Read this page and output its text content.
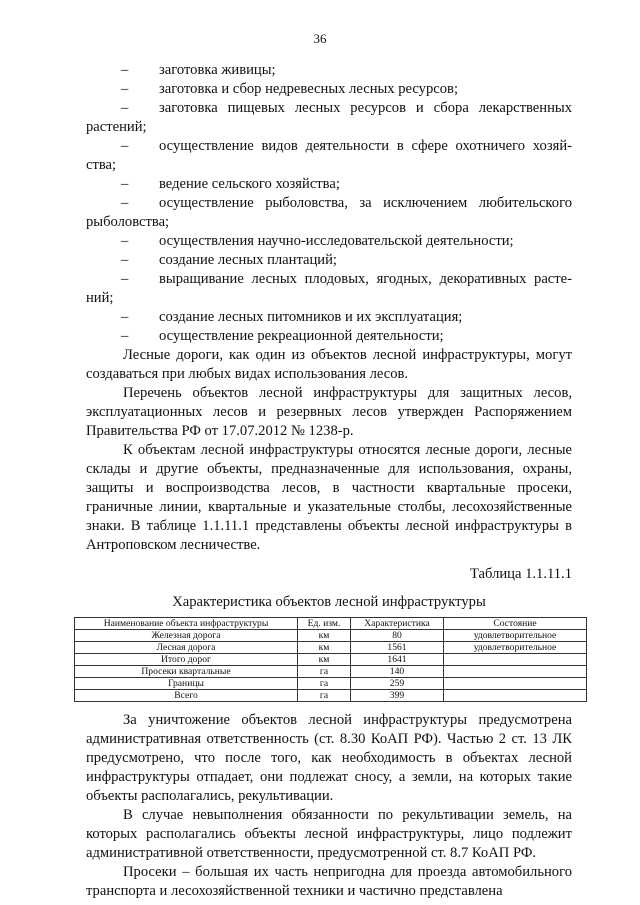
36
– заготовка живицы;
– заготовка и сбор недревесных лесных ресурсов;
– заготовка пищевых лесных ресурсов и сбора лекарственных
растений;
– осуществление видов деятельности в сфере охотничего хозяй-
ства;
– ведение сельского хозяйства;
– осуществление рыболовства, за исключением любительского
рыболовства;
– осуществления научно-исследовательской деятельности;
– создание лесных плантаций;
– выращивание лесных плодовых, ягодных, декоративных расте-
ний;
– создание лесных питомников и их эксплуатация;
– осуществление рекреационной деятельности;
Лесные дороги, как один из объектов лесной инфраструктуры, могут создаваться при любых видах использования лесов.
Перечень объектов лесной инфраструктуры для защитных лесов, эксплуатационных лесов и резервных лесов утвержден Распоряжением Правительства РФ от 17.07.2012 № 1238-р.
К объектам лесной инфраструктуры относятся лесные дороги, лесные склады и другие объекты, предназначенные для использования, охраны, защиты и воспроизводства лесов, в частности квартальные просеки, граничные линии, квартальные и указательные столбы, лесохозяйственные знаки. В таблице 1.1.11.1 представлены объекты лесной инфраструктуры в Антроповском лесничестве.
Таблица 1.1.11.1
Характеристика объектов лесной инфраструктуры
Наименование объекта инфраструктуры	Ед. изм.	Характеристика	Состояние
Железная дорога	км	80	удовлетворительное
Лесная дорога	км	1561	удовлетворительное
Итого дорог	км	1641	
Просеки квартальные	га	140	
Границы	га	259	
Всего	га	399	
За уничтожение объектов лесной инфраструктуры предусмотрена административная ответственность (ст. 8.30 КоАП РФ). Частью 2 ст. 13 ЛК предусмотрено, что после того, как необходимость в объектах лесной инфраструктуры отпадает, они подлежат сносу, а земли, на которых такие объекты располагались, рекультивации.
В случае невыполнения обязанности по рекультивации земель, на которых располагались объекты лесной инфраструктуры, лицо подлежит административной ответственности, предусмотренной ст. 8.7 КоАП РФ.
Просеки – большая их часть непригодна для проезда автомобильного транспорта и лесохозяйственной техники и частично представлена
